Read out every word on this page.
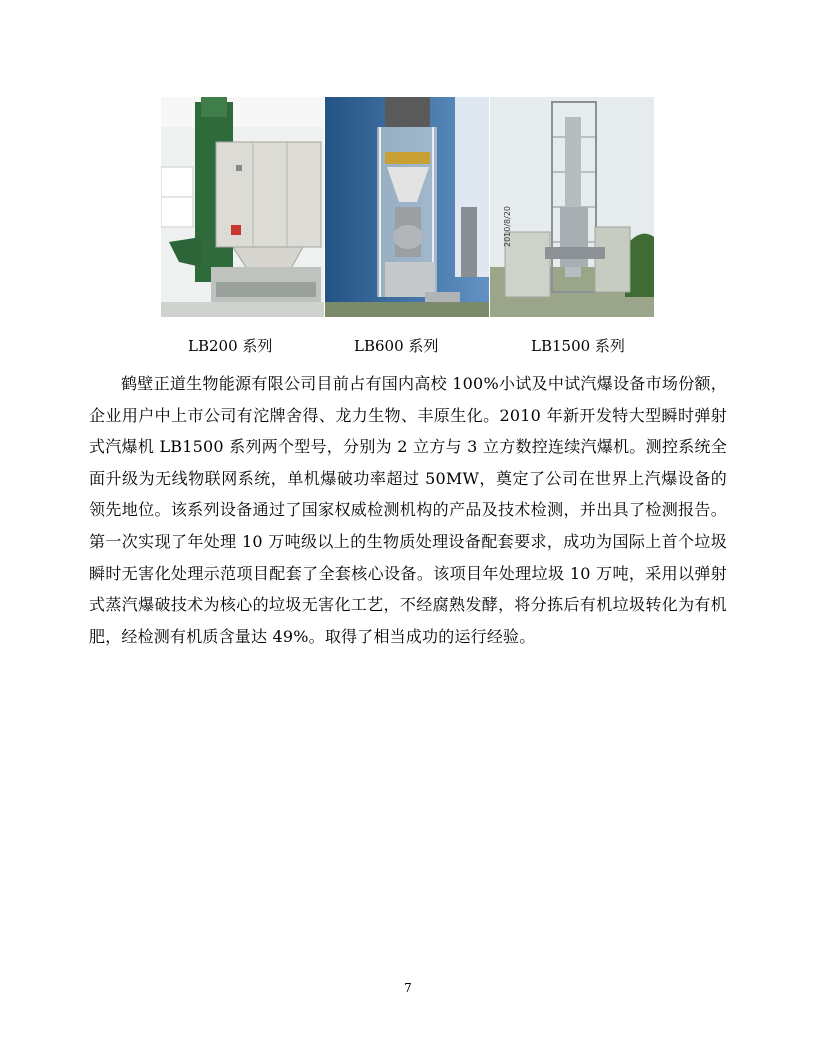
2010/8/20
LB200 系列	LB600 系列	LB1500 系列

鹤壁正道生物能源有限公司目前占有国内高校 100%小试及中试汽爆设备市场份额，企业用户中上市公司有沱牌舍得、龙力生物、丰原生化。2010 年新开发特大型瞬时弹射式汽爆机 LB1500 系列两个型号，分别为 2 立方与 3 立方数控连续汽爆机。测控系统全面升级为无线物联网系统，单机爆破功率超过 50MW，奠定了公司在世界上汽爆设备的领先地位。该系列设备通过了国家权威检测机构的产品及技术检测，并出具了检测报告。第一次实现了年处理 10 万吨级以上的生物质处理设备配套要求，成功为国际上首个垃圾瞬时无害化处理示范项目配套了全套核心设备。该项目年处理垃圾 10 万吨，采用以弹射式蒸汽爆破技术为核心的垃圾无害化工艺，不经腐熟发酵，将分拣后有机垃圾转化为有机肥，经检测有机质含量达 49%。取得了相当成功的运行经验。

7
